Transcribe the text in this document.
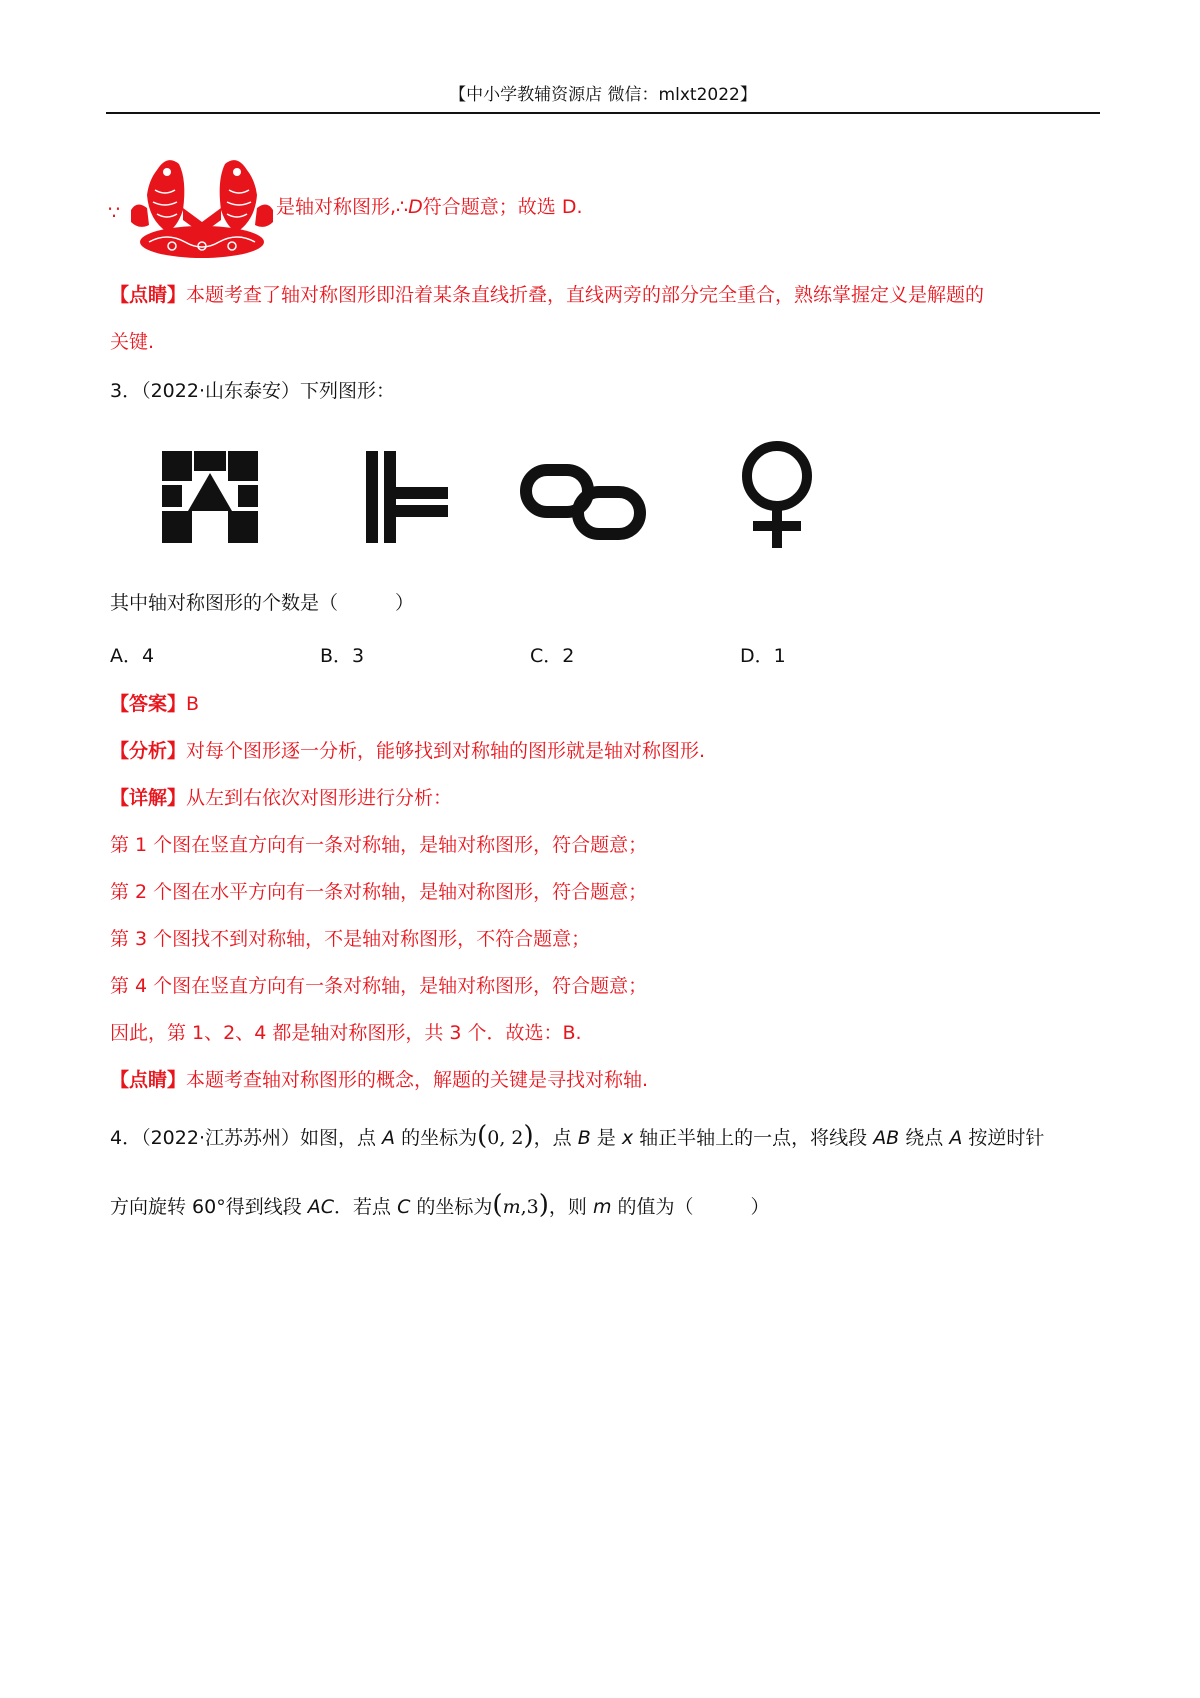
【中小学教辅资源店 微信：mlxt2022】
∵	是轴对称图形,∴D符合题意；故选 D.
【点睛】本题考查了轴对称图形即沿着某条直线折叠，直线两旁的部分完全重合，熟练掌握定义是解题的
关键.
3．（2022·山东泰安）下列图形：
其中轴对称图形的个数是（　　　）
A．4	B．3	C．2	D．1
【答案】B
【分析】对每个图形逐一分析，能够找到对称轴的图形就是轴对称图形.
【详解】从左到右依次对图形进行分析：
第 1 个图在竖直方向有一条对称轴，是轴对称图形，符合题意；
第 2 个图在水平方向有一条对称轴，是轴对称图形，符合题意；
第 3 个图找不到对称轴，不是轴对称图形，不符合题意；
第 4 个图在竖直方向有一条对称轴，是轴对称图形，符合题意；
因此，第 1、2、4 都是轴对称图形，共 3 个．故选：B.
【点睛】本题考查轴对称图形的概念，解题的关键是寻找对称轴.
4．（2022·江苏苏州）如图，点 A 的坐标为(0, 2)，点 B 是 x 轴正半轴上的一点，将线段 AB 绕点 A 按逆时针
方向旋转 60°得到线段 AC．若点 C 的坐标为(m,3)，则 m 的值为（　　　）
